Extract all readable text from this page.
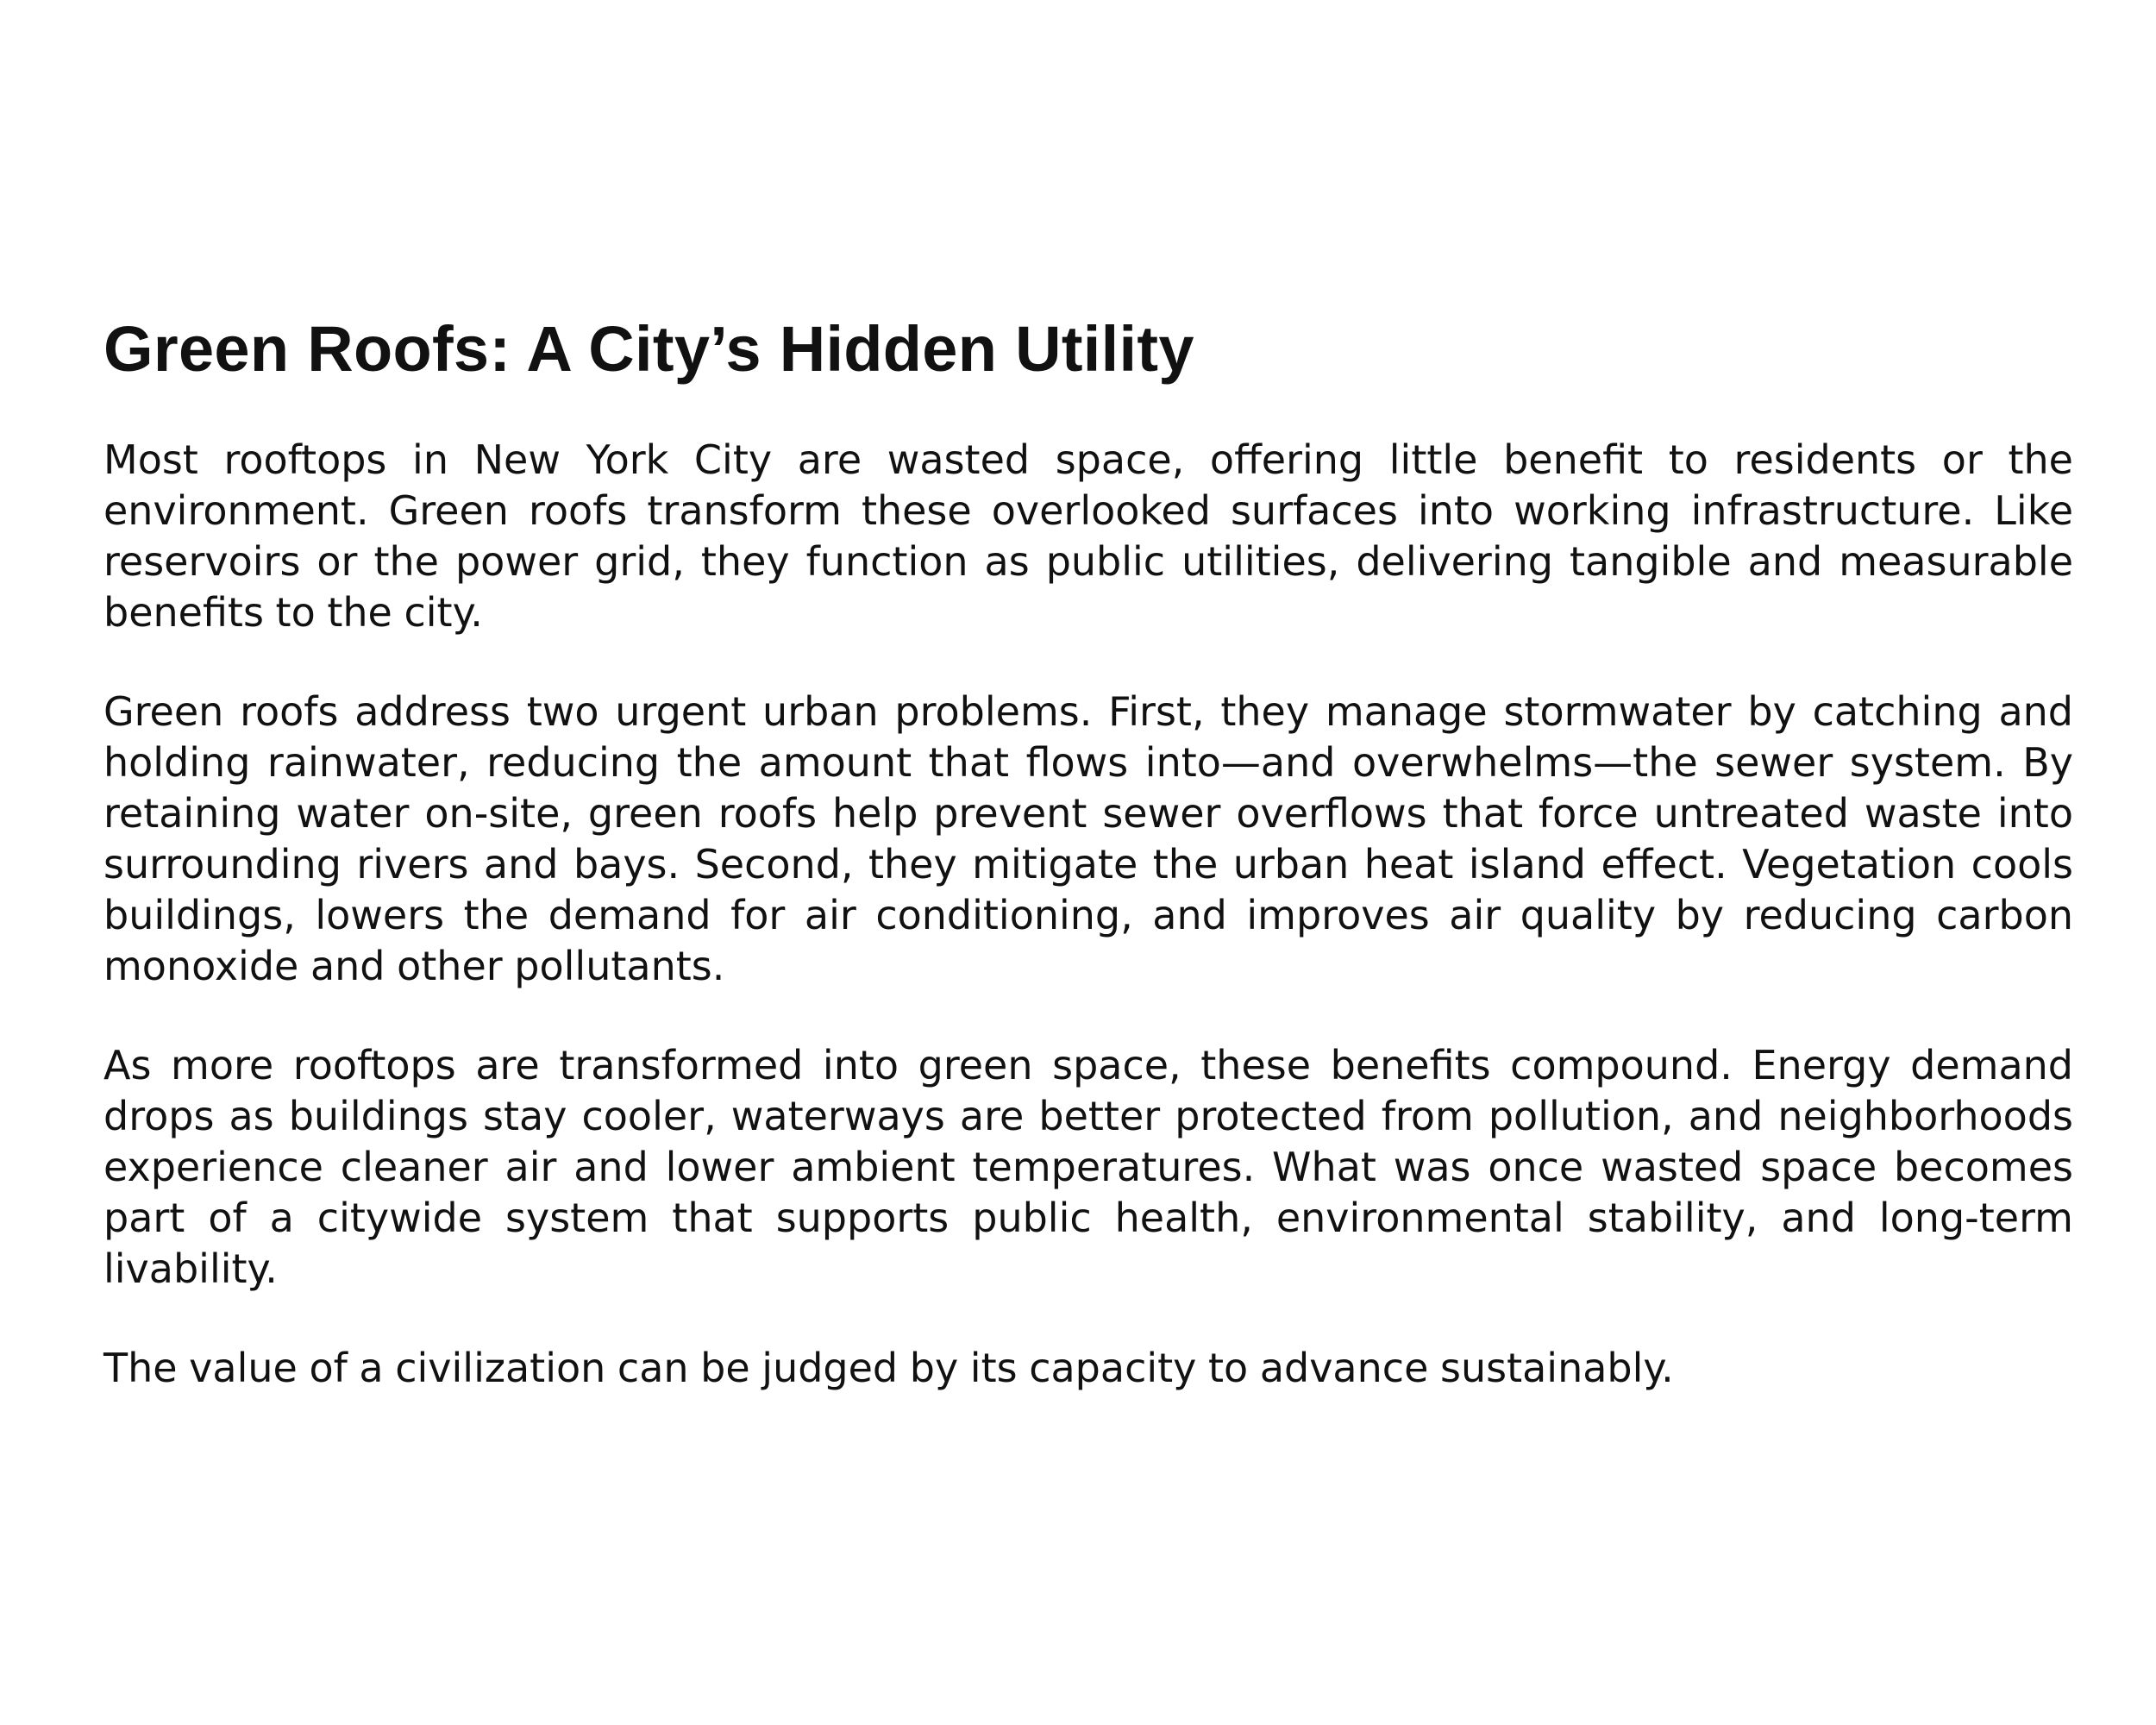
Green Roofs: A City’s Hidden Utility

Most rooftops in New York City are wasted space, offering little benefit to residents or the environment. Green roofs transform these overlooked surfaces into working infrastructure. Like reservoirs or the power grid, they function as public utilities, delivering tangible and measurable benefits to the city.

Green roofs address two urgent urban problems. First, they manage stormwater by catching and holding rainwater, reducing the amount that flows into—and overwhelms—the sewer system. By retaining water on-site, green roofs help prevent sewer overflows that force untreated waste into surrounding rivers and bays. Second, they mitigate the urban heat island effect. Vegetation cools buildings, lowers the demand for air conditioning, and improves air quality by reducing carbon monoxide and other pollutants.

As more rooftops are transformed into green space, these benefits compound. Energy demand drops as buildings stay cooler, waterways are better protected from pollution, and neighborhoods experience cleaner air and lower ambient temperatures. What was once wasted space becomes part of a citywide system that supports public health, environmental stability, and long-term livability.

The value of a civilization can be judged by its capacity to advance sustainably.
